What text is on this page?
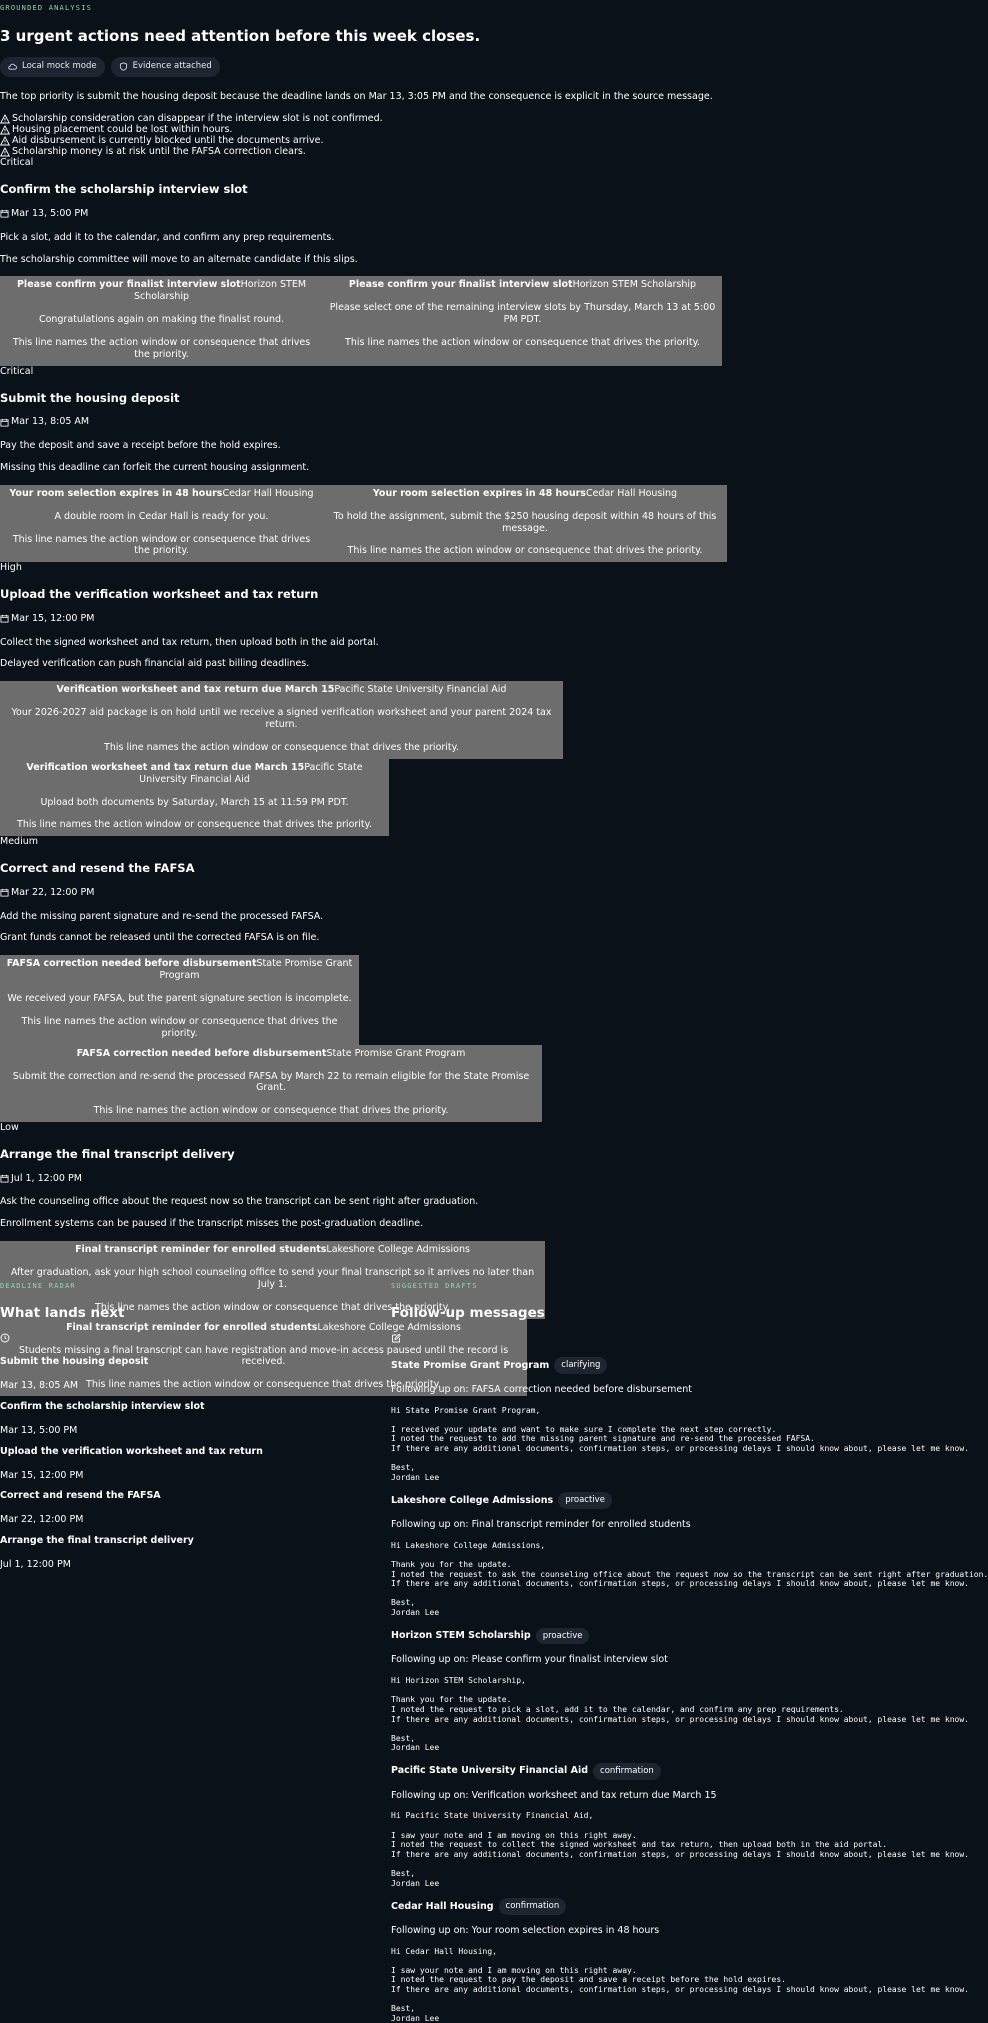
GROUNDED ANALYSIS
3 urgent actions need attention before this week closes.
Local mock mode	Evidence attached
The top priority is submit the housing deposit because the deadline lands on Mar 13, 3:05 PM and the consequence is explicit in the source message.
Scholarship consideration can disappear if the interview slot is not confirmed.
Housing placement could be lost within hours.
Aid disbursement is currently blocked until the documents arrive.
Scholarship money is at risk until the FAFSA correction clears.
Critical
Confirm the scholarship interview slot
Mar 13, 5:00 PM
Pick a slot, add it to the calendar, and confirm any prep requirements.
The scholarship committee will move to an alternate candidate if this slips.
Please confirm your finalist interview slotHorizon STEM Scholarship

Congratulations again on making the finalist round.

This line names the action window or consequence that drives the priority.

Please confirm your finalist interview slotHorizon STEM Scholarship

Please select one of the remaining interview slots by Thursday, March 13 at 5:00 PM PDT.

This line names the action window or consequence that drives the priority.

Critical
Submit the housing deposit
Mar 13, 8:05 AM
Pay the deposit and save a receipt before the hold expires.
Missing this deadline can forfeit the current housing assignment.
Your room selection expires in 48 hoursCedar Hall Housing

A double room in Cedar Hall is ready for you.

This line names the action window or consequence that drives the priority.

Your room selection expires in 48 hoursCedar Hall Housing

To hold the assignment, submit the $250 housing deposit within 48 hours of this message.

This line names the action window or consequence that drives the priority.

High
Upload the verification worksheet and tax return
Mar 15, 12:00 PM
Collect the signed worksheet and tax return, then upload both in the aid portal.
Delayed verification can push financial aid past billing deadlines.
Verification worksheet and tax return due March 15Pacific State University Financial Aid

Your 2026-2027 aid package is on hold until we receive a signed verification worksheet and your parent 2024 tax return.

This line names the action window or consequence that drives the priority.

Verification worksheet and tax return due March 15Pacific State University Financial Aid

Upload both documents by Saturday, March 15 at 11:59 PM PDT.

This line names the action window or consequence that drives the priority.

Medium
Correct and resend the FAFSA
Mar 22, 12:00 PM
Add the missing parent signature and re-send the processed FAFSA.
Grant funds cannot be released until the corrected FAFSA is on file.
FAFSA correction needed before disbursementState Promise Grant Program

We received your FAFSA, but the parent signature section is incomplete.

This line names the action window or consequence that drives the priority.

FAFSA correction needed before disbursementState Promise Grant Program

Submit the correction and re-send the processed FAFSA by March 22 to remain eligible for the State Promise Grant.

This line names the action window or consequence that drives the priority.

Low
Arrange the final transcript delivery
Jul 1, 12:00 PM
Ask the counseling office about the request now so the transcript can be sent right after graduation.
Enrollment systems can be paused if the transcript misses the post-graduation deadline.
Final transcript reminder for enrolled studentsLakeshore College Admissions

After graduation, ask your high school counseling office to send your final transcript so it arrives no later than July 1.

This line names the action window or consequence that drives the priority.

Final transcript reminder for enrolled studentsLakeshore College Admissions

Students missing a final transcript can have registration and move-in access paused until the record is received.

This line names the action window or consequence that drives the priority.

DEADLINE RADAR
What lands next
Submit the housing deposit
Mar 13, 8:05 AM
Confirm the scholarship interview slot
Mar 13, 5:00 PM
Upload the verification worksheet and tax return
Mar 15, 12:00 PM
Correct and resend the FAFSA
Mar 22, 12:00 PM
Arrange the final transcript delivery
Jul 1, 12:00 PM
SUGGESTED DRAFTS
Follow-up messages
State Promise Grant Program	clarifying
Following up on: FAFSA correction needed before disbursement
Hi State Promise Grant Program,

I received your update and want to make sure I complete the next step correctly.
I noted the request to add the missing parent signature and re-send the processed FAFSA.
If there are any additional documents, confirmation steps, or processing delays I should know about, please let me know.

Best,
Jordan Lee
Lakeshore College Admissions	proactive
Following up on: Final transcript reminder for enrolled students
Hi Lakeshore College Admissions,

Thank you for the update.
I noted the request to ask the counseling office about the request now so the transcript can be sent right after graduation.
If there are any additional documents, confirmation steps, or processing delays I should know about, please let me know.

Best,
Jordan Lee
Horizon STEM Scholarship	proactive
Following up on: Please confirm your finalist interview slot
Hi Horizon STEM Scholarship,

Thank you for the update.
I noted the request to pick a slot, add it to the calendar, and confirm any prep requirements.
If there are any additional documents, confirmation steps, or processing delays I should know about, please let me know.

Best,
Jordan Lee
Pacific State University Financial Aid	confirmation
Following up on: Verification worksheet and tax return due March 15
Hi Pacific State University Financial Aid,

I saw your note and I am moving on this right away.
I noted the request to collect the signed worksheet and tax return, then upload both in the aid portal.
If there are any additional documents, confirmation steps, or processing delays I should know about, please let me know.

Best,
Jordan Lee
Cedar Hall Housing	confirmation
Following up on: Your room selection expires in 48 hours
Hi Cedar Hall Housing,

I saw your note and I am moving on this right away.
I noted the request to pay the deposit and save a receipt before the hold expires.
If there are any additional documents, confirmation steps, or processing delays I should know about, please let me know.

Best,
Jordan Lee
